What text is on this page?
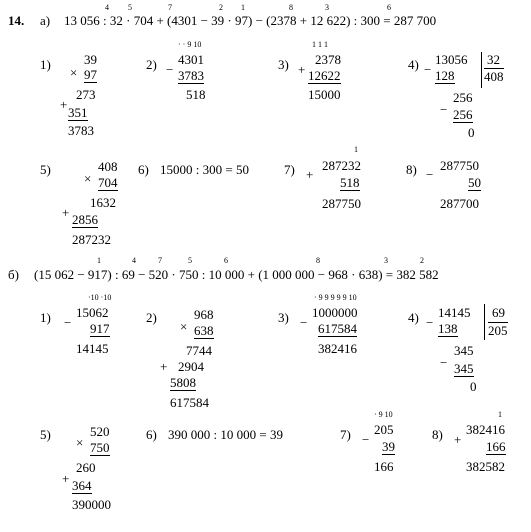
14. а) 13 056 : 32 · 704 + (4301 − 39 · 97) − (2378 + 12 622) : 300 = 287 700
4 5	7	2 1	8	3	6
1)
×
39
97
273
+
351
3783
2)
· · 9 10
−
4301
3783
518
3)
1 1 1
+
2378
12622
15000
4) −
13056
128
32
408
256
− 256
0
5)
×
408
704
1632
+ 2856
287232
6) 15000 : 300 = 50	7)
1
+
287232
518
287750
8) −
287750
50
287700
б) (15 062 − 917) : 69 − 520 · 750 : 10 000 + (1 000 000 − 968 · 638) = 382 582
1	4	7	5	6	8	3	2
1)
·10 ·10
−
15062
917
14145
2)
×
968
638
7744
+ 2904
5808
617584
3)
· 9 9 9 9 9 10
−
1000000
617584
382416
4) −
14145
138
69
205
345
− 345
0
5)
×
520
750
260
+ 364
390000
6) 390 000 : 10 000 = 39	7)
· 9 10
−
205
39
166
8)
1
+
382416
166
382582
